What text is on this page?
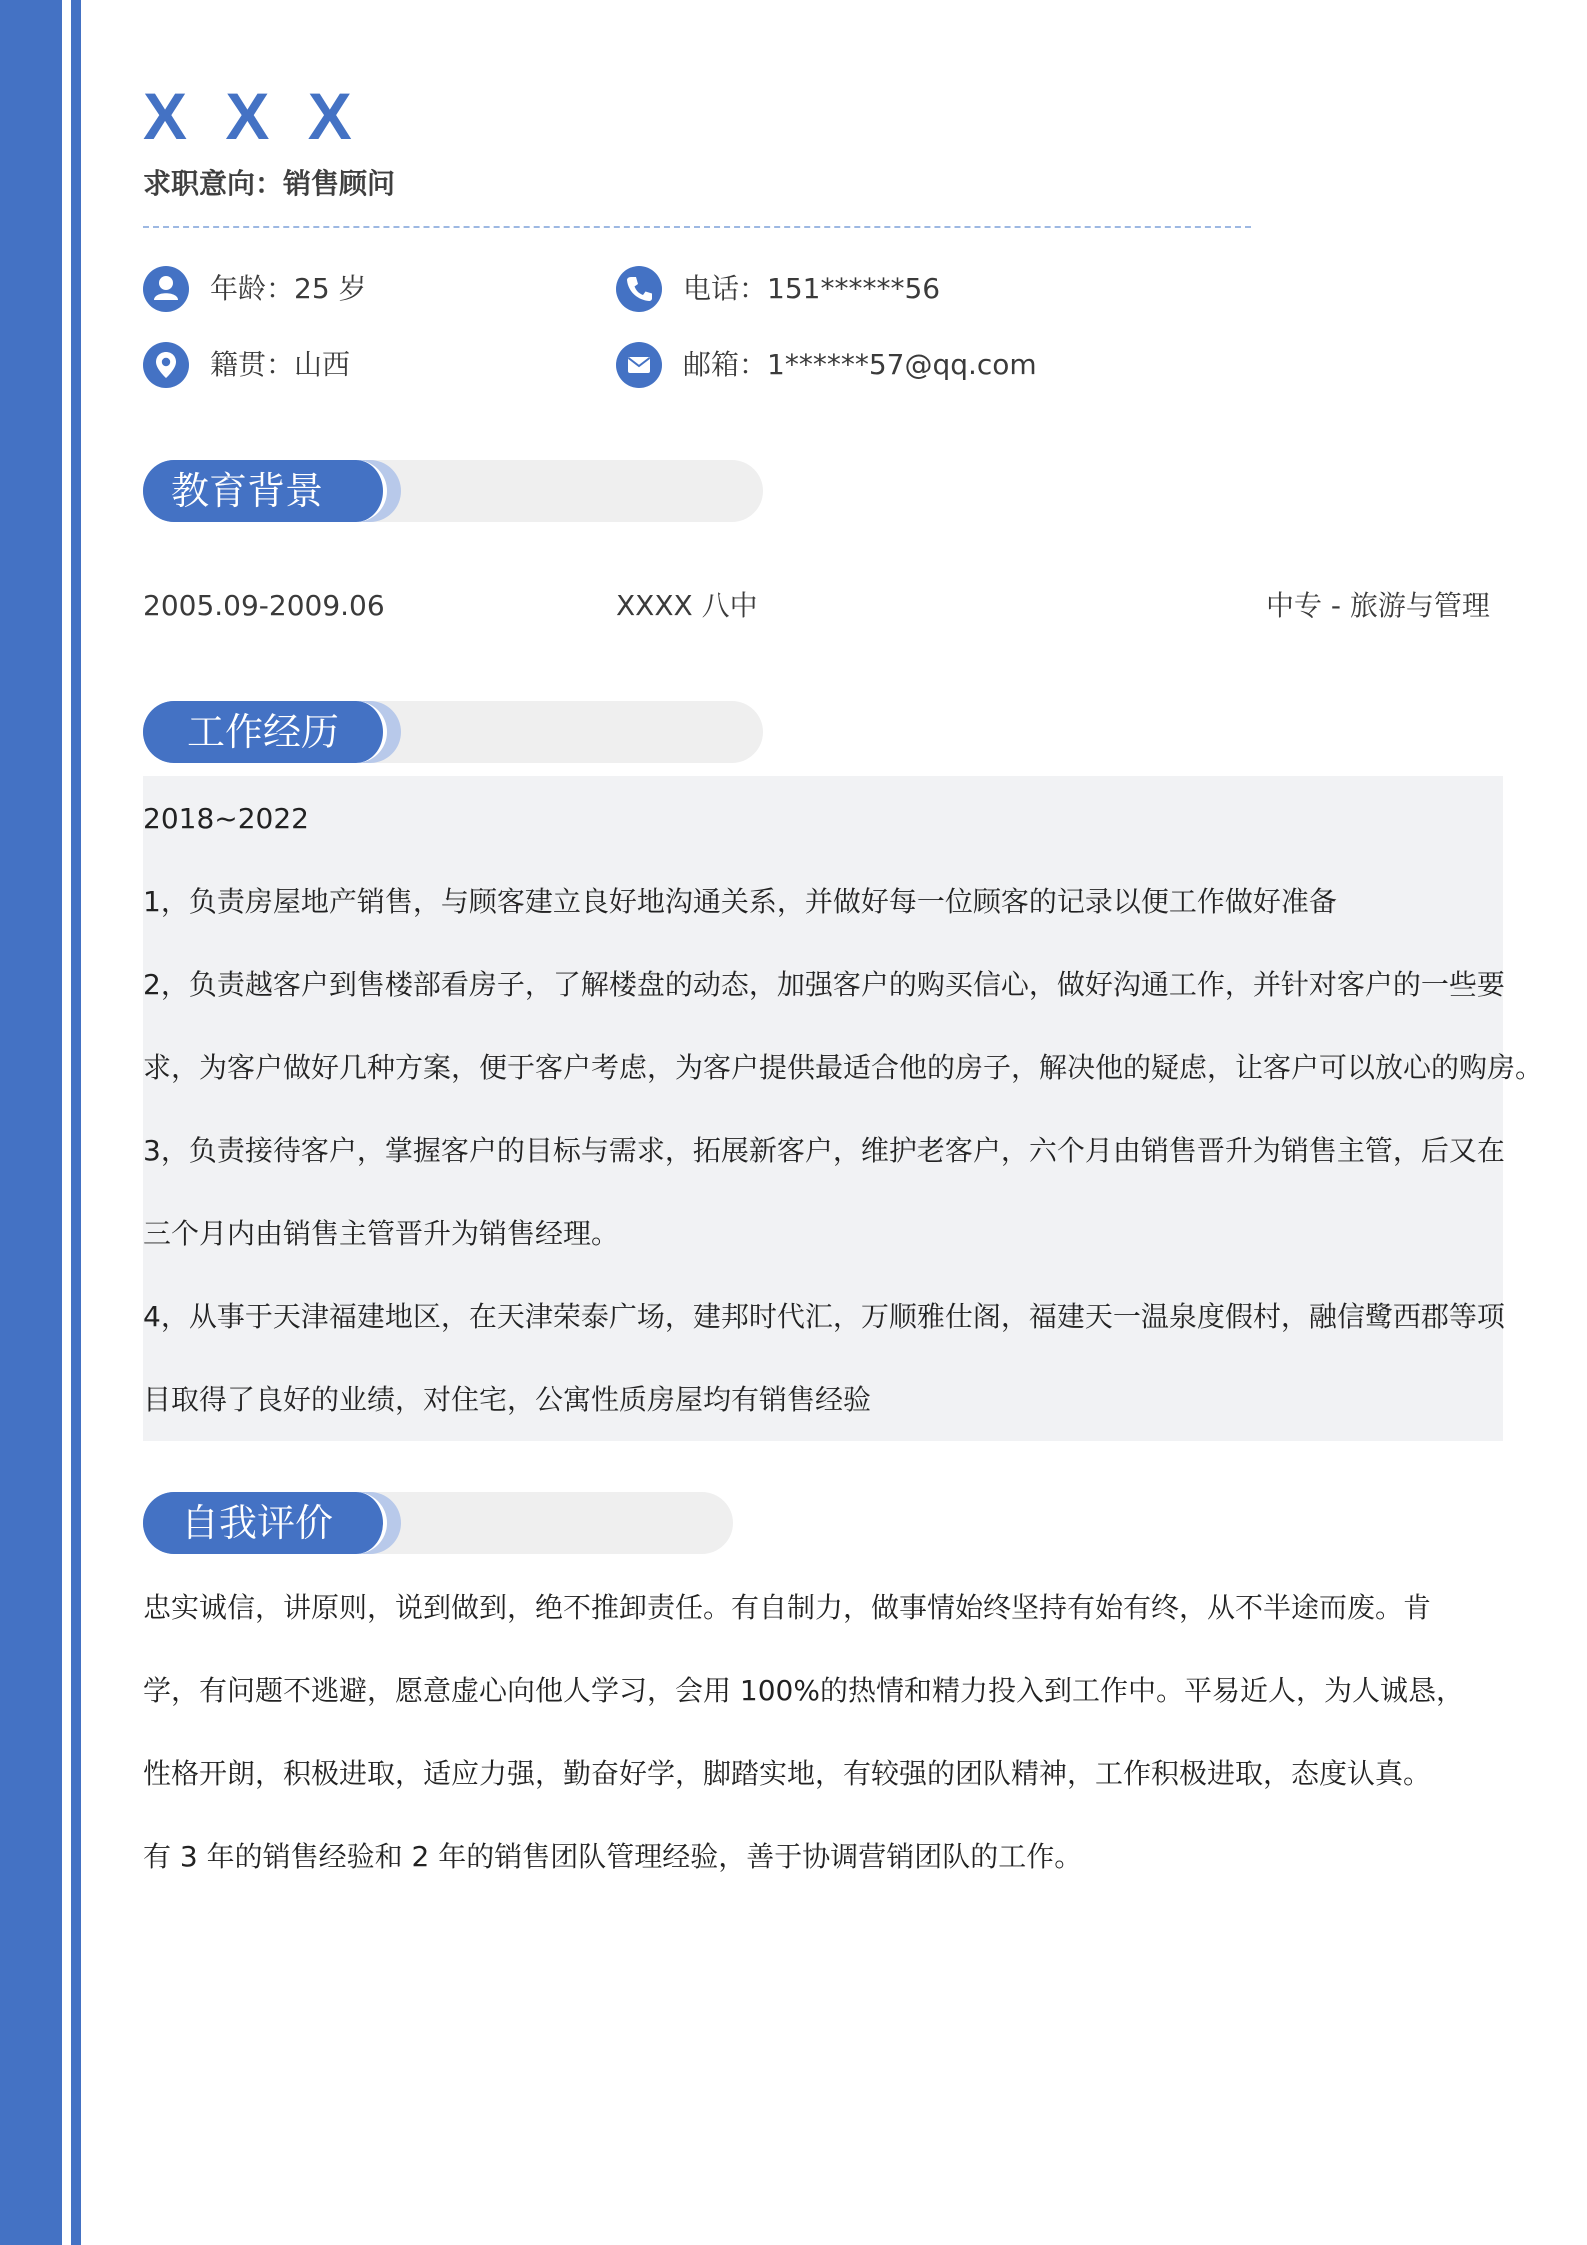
X X X
求职意向：销售顾问
年龄：25 岁	电话：151******56
籍贯：山西	邮箱：1******57@qq.com
教育背景
2005.09-2009.06	XXXX 八中	中专 - 旅游与管理
工作经历
2018~2022
1，负责房屋地产销售，与顾客建立良好地沟通关系，并做好每一位顾客的记录以便工作做好准备
2，负责越客户到售楼部看房子，了解楼盘的动态，加强客户的购买信心，做好沟通工作，并针对客户的一些要
求，为客户做好几种方案，便于客户考虑，为客户提供最适合他的房子，解决他的疑虑，让客户可以放心的购房。
3，负责接待客户，掌握客户的目标与需求，拓展新客户，维护老客户，六个月由销售晋升为销售主管，后又在
三个月内由销售主管晋升为销售经理。
4，从事于天津福建地区，在天津荣泰广场，建邦时代汇，万顺雅仕阁，福建天一温泉度假村，融信鹭西郡等项
目取得了良好的业绩，对住宅，公寓性质房屋均有销售经验
自我评价
忠实诚信，讲原则，说到做到，绝不推卸责任。有自制力，做事情始终坚持有始有终，从不半途而废。肯
学，有问题不逃避，愿意虚心向他人学习，会用 100%的热情和精力投入到工作中。平易近人，为人诚恳，
性格开朗，积极进取，适应力强，勤奋好学，脚踏实地，有较强的团队精神，工作积极进取，态度认真。
有 3 年的销售经验和 2 年的销售团队管理经验，善于协调营销团队的工作。
